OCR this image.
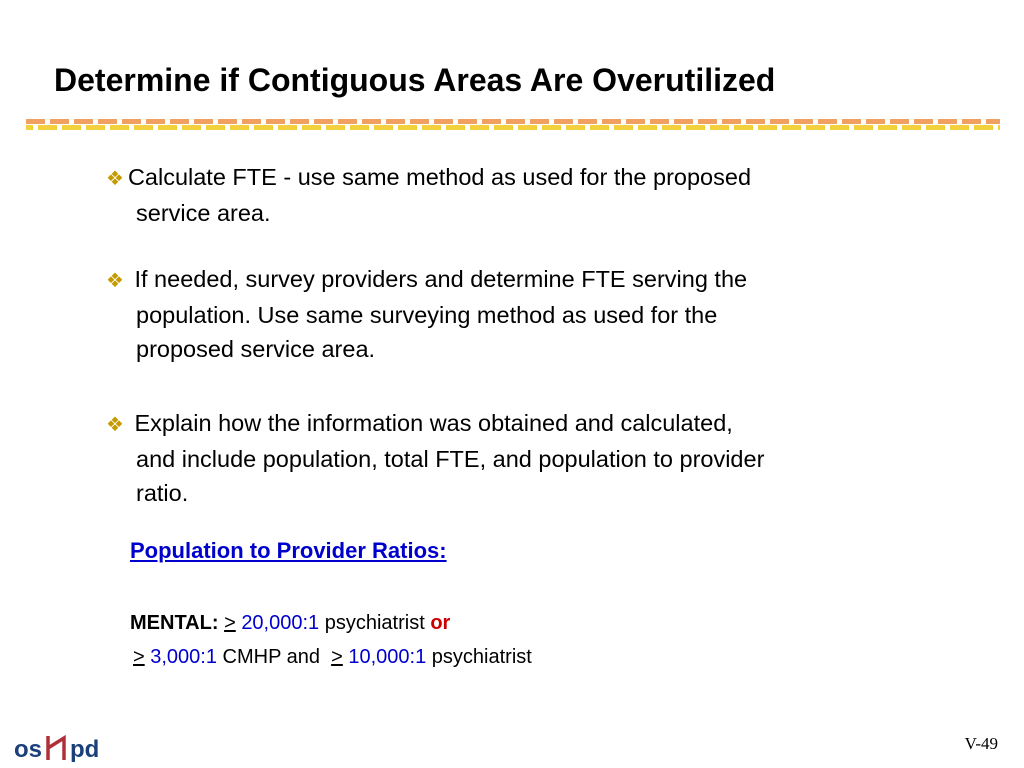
Determine if Contiguous Areas Are Overutilized
❖ Calculate FTE - use same method as used for the proposed
service area.
❖ If needed, survey providers and determine FTE serving the
population. Use same surveying method as used for the
proposed service area.
❖ Explain how the information was obtained and calculated,
and include population, total FTE, and population to provider
ratio.
Population to Provider Ratios:
MENTAL: > 20,000:1 psychiatrist or
≥ 3,000:1 CMHP and ≥ 10,000:1 psychiatrist
os pd	V-49
